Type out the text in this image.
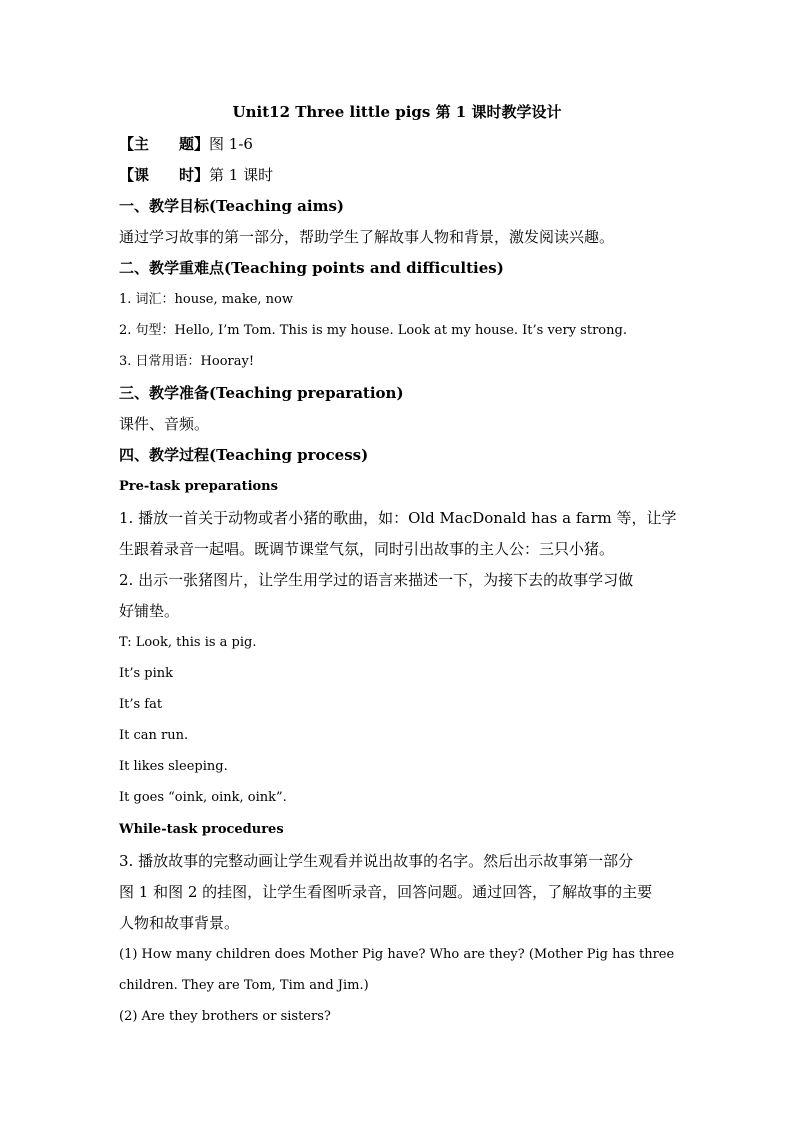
Unit12 Three little pigs 第 1 课时教学设计
【主 题】图 1-6
【课 时】第 1 课时
一、教学目标(Teaching aims)
通过学习故事的第一部分，帮助学生了解故事人物和背景，激发阅读兴趣。
二、教学重难点(Teaching points and difficulties)
1. 词汇：house, make, now
2. 句型：Hello, I’m Tom. This is my house. Look at my house. It’s very strong.
3. 日常用语：Hooray!
三、教学准备(Teaching preparation)
课件、音频。
四、教学过程(Teaching process)
Pre-task preparations
1. 播放一首关于动物或者小猪的歌曲，如：Old MacDonald has a farm 等，让学
生跟着录音一起唱。既调节课堂气氛，同时引出故事的主人公：三只小猪。
2. 出示一张猪图片，让学生用学过的语言来描述一下，为接下去的故事学习做
好铺垫。
T: Look, this is a pig.
It’s pink
It’s fat
It can run.
It likes sleeping.
It goes “oink, oink, oink”.
While-task procedures
3. 播放故事的完整动画让学生观看并说出故事的名字。然后出示故事第一部分
图 1 和图 2 的挂图，让学生看图听录音，回答问题。通过回答，了解故事的主要
人物和故事背景。
(1) How many children does Mother Pig have? Who are they? (Mother Pig has three
children. They are Tom, Tim and Jim.)
(2) Are they brothers or sisters?
